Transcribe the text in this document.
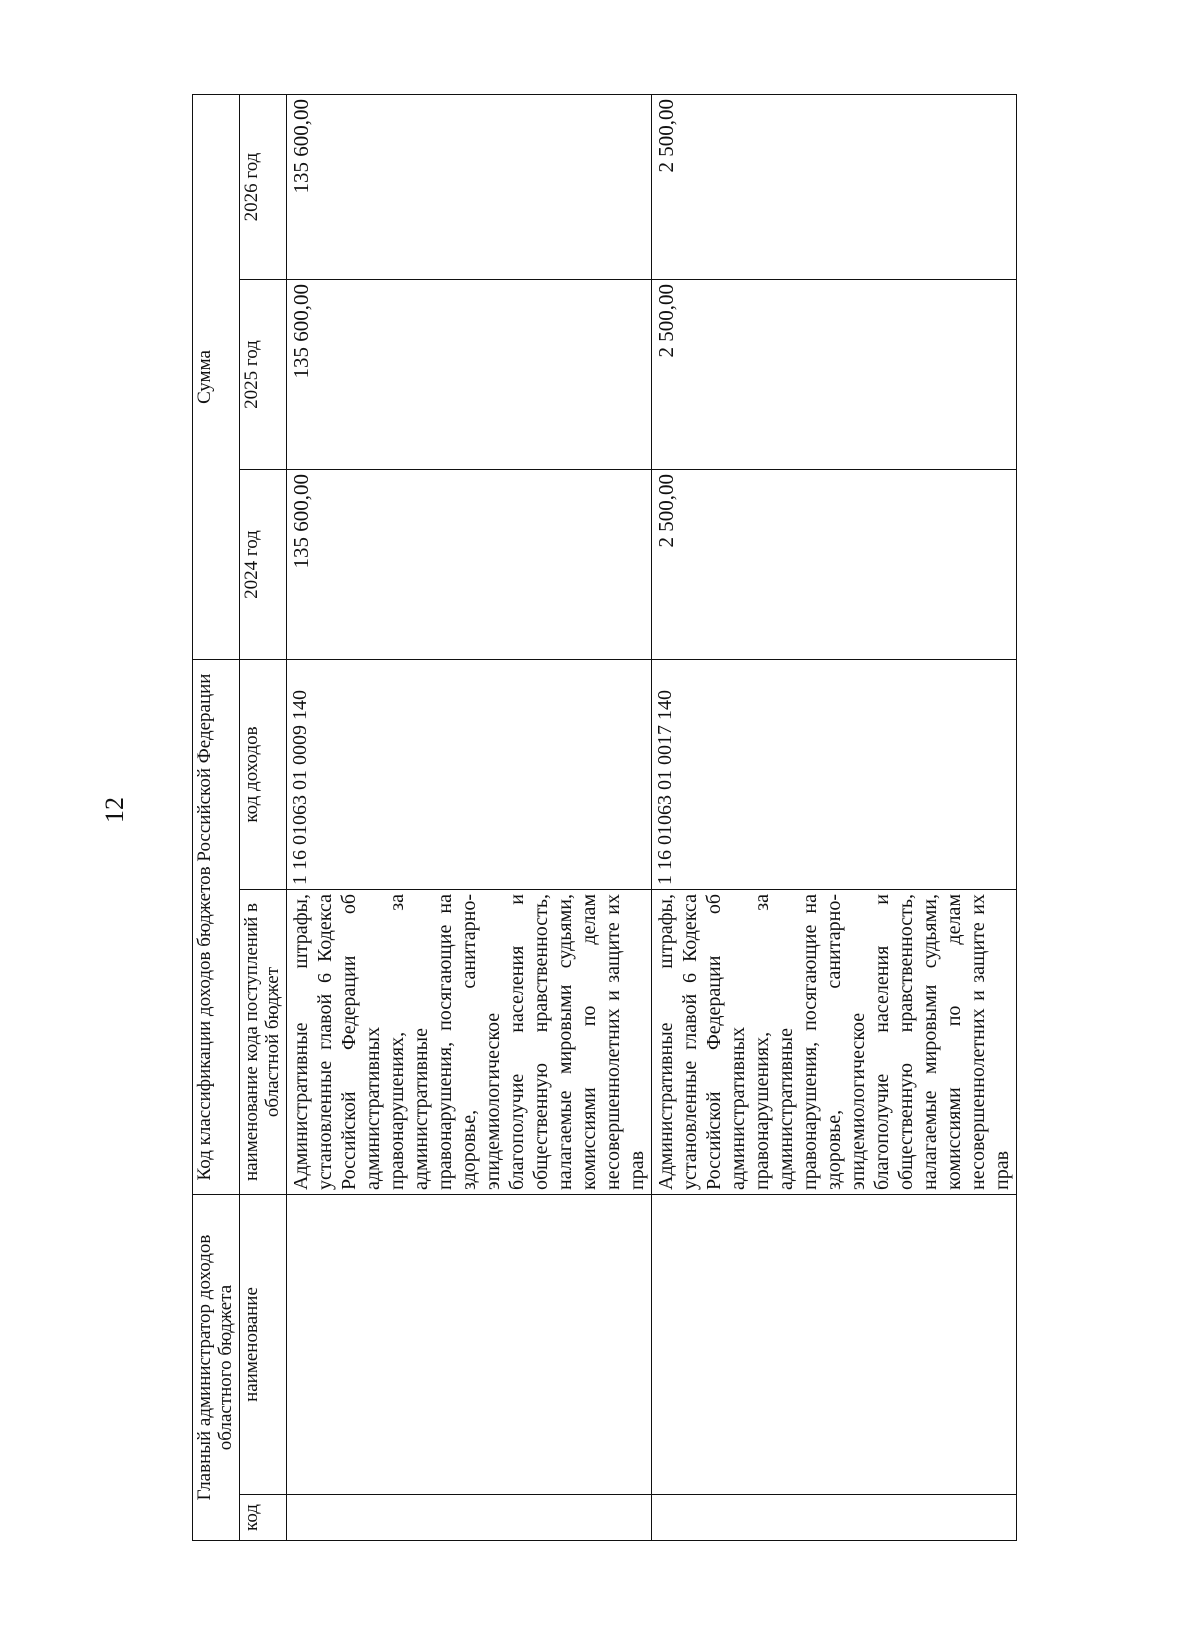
12
Главный администратор доходов областного бюджета		Код классификации доходов бюджетов Российской Федерации		Сумма		
код	наименование	наименование кода поступлений в областной бюджет	код доходов	2024 год	2025 год	2026 год
		Административные штрафы, установленные главой 6 Кодекса Российской Федерации об административных правонарушениях, за административные правонарушения, посягающие на здоровье, санитарно-эпидемиологическое благополучие населения и общественную нравственность, налагаемые мировыми судьями, комиссиями по делам несовершеннолетних и защите их прав	1 16 01063 01 0009 140	135 600,00	135 600,00	135 600,00
		Административные штрафы, установленные главой 6 Кодекса Российской Федерации об административных правонарушениях, за административные правонарушения, посягающие на здоровье, санитарно-эпидемиологическое благополучие населения и общественную нравственность, налагаемые мировыми судьями, комиссиями по делам несовершеннолетних и защите их прав	1 16 01063 01 0017 140	2 500,00	2 500,00	2 500,00
